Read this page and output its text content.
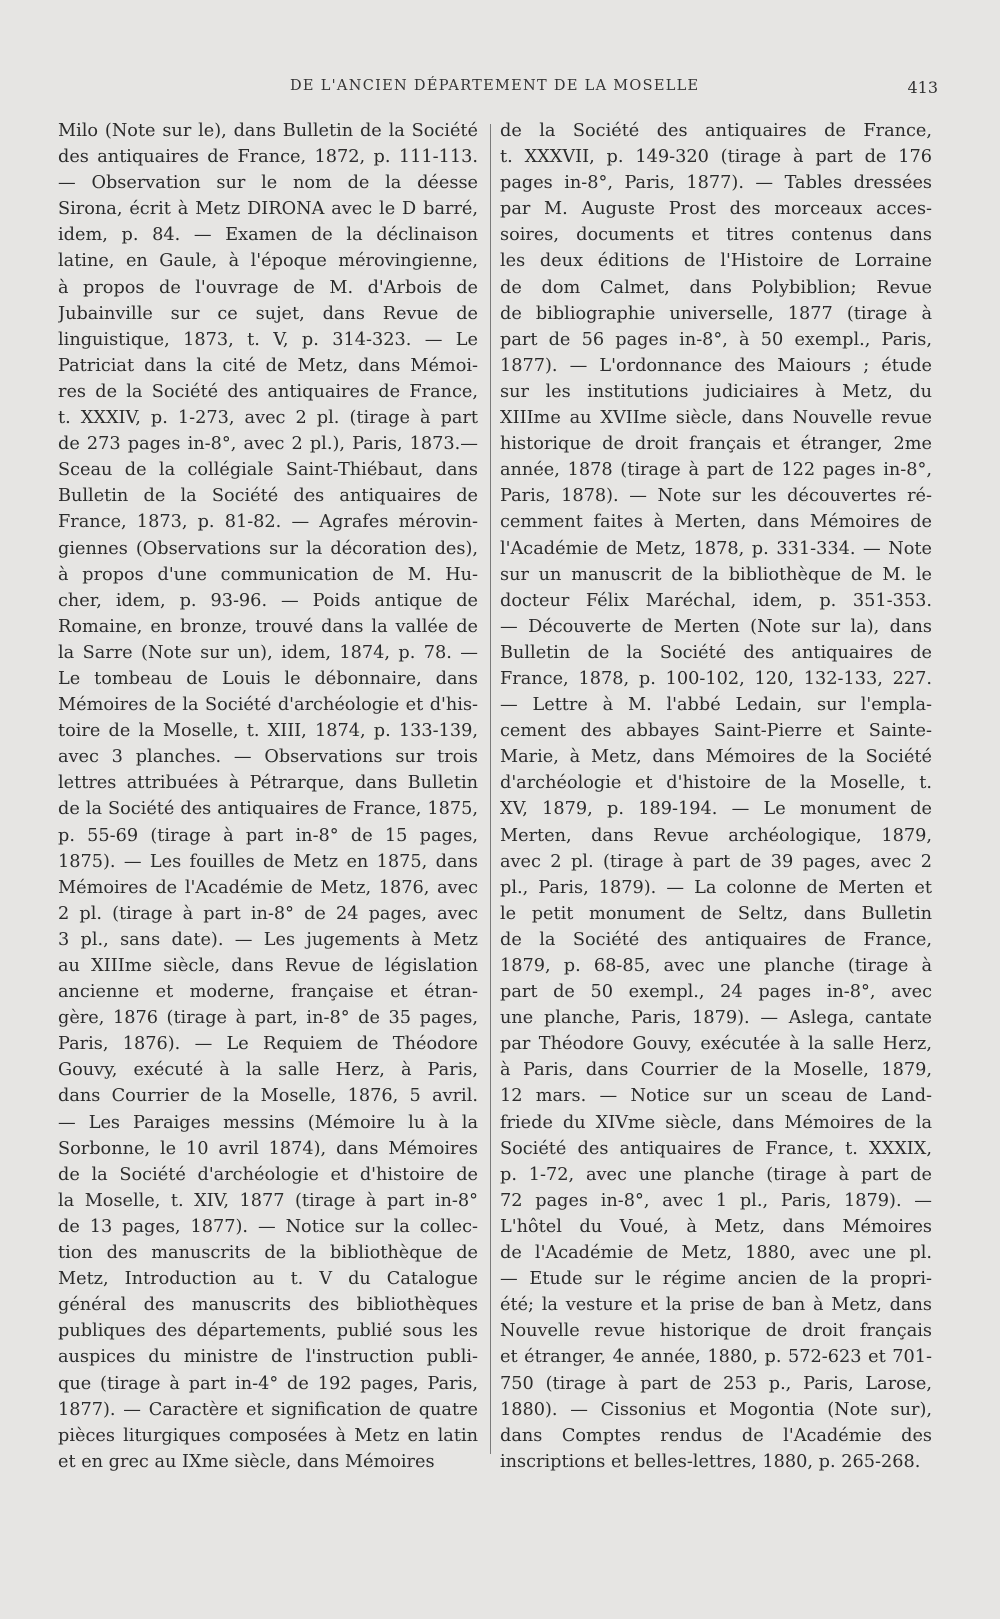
DE L'ANCIEN DÉPARTEMENT DE LA MOSELLE	413
Milo (Note sur le), dans Bulletin de la Société
des antiquaires de France, 1872, p. 111-113.
— Observation sur le nom de la déesse
Sirona, écrit à Metz DIRONA avec le D barré,
idem, p. 84. — Examen de la déclinaison
latine, en Gaule, à l'époque mérovingienne,
à propos de l'ouvrage de M. d'Arbois de
Jubainville sur ce sujet, dans Revue de
linguistique, 1873, t. V, p. 314-323. — Le
Patriciat dans la cité de Metz, dans Mémoi-
res de la Société des antiquaires de France,
t. XXXIV, p. 1-273, avec 2 pl. (tirage à part
de 273 pages in-8°, avec 2 pl.), Paris, 1873.—
Sceau de la collégiale Saint-Thiébaut, dans
Bulletin de la Société des antiquaires de
France, 1873, p. 81-82. — Agrafes mérovin-
giennes (Observations sur la décoration des),
à propos d'une communication de M. Hu-
cher, idem, p. 93-96. — Poids antique de
Romaine, en bronze, trouvé dans la vallée de
la Sarre (Note sur un), idem, 1874, p. 78. —
Le tombeau de Louis le débonnaire, dans
Mémoires de la Société d'archéologie et d'his-
toire de la Moselle, t. XIII, 1874, p. 133-139,
avec 3 planches. — Observations sur trois
lettres attribuées à Pétrarque, dans Bulletin
de la Société des antiquaires de France, 1875,
p. 55-69 (tirage à part in-8° de 15 pages,
1875). — Les fouilles de Metz en 1875, dans
Mémoires de l'Académie de Metz, 1876, avec
2 pl. (tirage à part in-8° de 24 pages, avec
3 pl., sans date). — Les jugements à Metz
au XIIIme siècle, dans Revue de législation
ancienne et moderne, française et étran-
gère, 1876 (tirage à part, in-8° de 35 pages,
Paris, 1876). — Le Requiem de Théodore
Gouvy, exécuté à la salle Herz, à Paris,
dans Courrier de la Moselle, 1876, 5 avril.
— Les Paraiges messins (Mémoire lu à la
Sorbonne, le 10 avril 1874), dans Mémoires
de la Société d'archéologie et d'histoire de
la Moselle, t. XIV, 1877 (tirage à part in-8°
de 13 pages, 1877). — Notice sur la collec-
tion des manuscrits de la bibliothèque de
Metz, Introduction au t. V du Catalogue
général des manuscrits des bibliothèques
publiques des départements, publié sous les
auspices du ministre de l'instruction publi-
que (tirage à part in-4° de 192 pages, Paris,
1877). — Caractère et signification de quatre
pièces liturgiques composées à Metz en latin
et en grec au IXme siècle, dans Mémoires
de la Société des antiquaires de France,
t. XXXVII, p. 149-320 (tirage à part de 176
pages in-8°, Paris, 1877). — Tables dressées
par M. Auguste Prost des morceaux acces-
soires, documents et titres contenus dans
les deux éditions de l'Histoire de Lorraine
de dom Calmet, dans Polybiblion; Revue
de bibliographie universelle, 1877 (tirage à
part de 56 pages in-8°, à 50 exempl., Paris,
1877). — L'ordonnance des Maiours ; étude
sur les institutions judiciaires à Metz, du
XIIIme au XVIIme siècle, dans Nouvelle revue
historique de droit français et étranger, 2me
année, 1878 (tirage à part de 122 pages in-8°,
Paris, 1878). — Note sur les découvertes ré-
cemment faites à Merten, dans Mémoires de
l'Académie de Metz, 1878, p. 331-334. — Note
sur un manuscrit de la bibliothèque de M. le
docteur Félix Maréchal, idem, p. 351-353.
— Découverte de Merten (Note sur la), dans
Bulletin de la Société des antiquaires de
France, 1878, p. 100-102, 120, 132-133, 227.
— Lettre à M. l'abbé Ledain, sur l'empla-
cement des abbayes Saint-Pierre et Sainte-
Marie, à Metz, dans Mémoires de la Société
d'archéologie et d'histoire de la Moselle, t.
XV, 1879, p. 189-194. — Le monument de
Merten, dans Revue archéologique, 1879,
avec 2 pl. (tirage à part de 39 pages, avec 2
pl., Paris, 1879). — La colonne de Merten et
le petit monument de Seltz, dans Bulletin
de la Société des antiquaires de France,
1879, p. 68-85, avec une planche (tirage à
part de 50 exempl., 24 pages in-8°, avec
une planche, Paris, 1879). — Aslega, cantate
par Théodore Gouvy, exécutée à la salle Herz,
à Paris, dans Courrier de la Moselle, 1879,
12 mars. — Notice sur un sceau de Land-
friede du XIVme siècle, dans Mémoires de la
Société des antiquaires de France, t. XXXIX,
p. 1-72, avec une planche (tirage à part de
72 pages in-8°, avec 1 pl., Paris, 1879). —
L'hôtel du Voué, à Metz, dans Mémoires
de l'Académie de Metz, 1880, avec une pl.
— Etude sur le régime ancien de la propri-
été; la vesture et la prise de ban à Metz, dans
Nouvelle revue historique de droit français
et étranger, 4e année, 1880, p. 572-623 et 701-
750 (tirage à part de 253 p., Paris, Larose,
1880). — Cissonius et Mogontia (Note sur),
dans Comptes rendus de l'Académie des
inscriptions et belles-lettres, 1880, p. 265-268.
